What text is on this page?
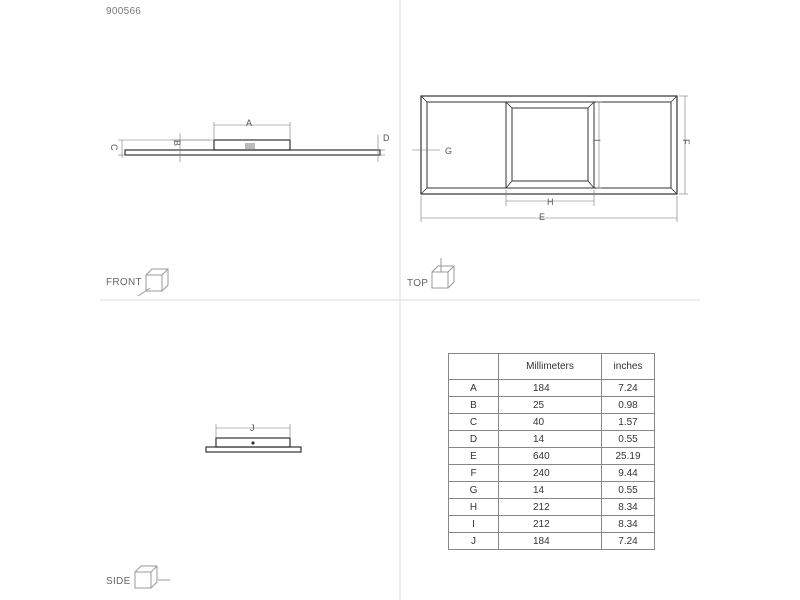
900566
A
B
C
D
E
F
G
H
I
J
FRONT	TOP
SIDE
	Millimeters	inches
A	184	7.24
B	25	0.98
C	40	1.57
D	14	0.55
E	640	25.19
F	240	9.44
G	14	0.55
H	212	8.34
I	212	8.34
J	184	7.24
